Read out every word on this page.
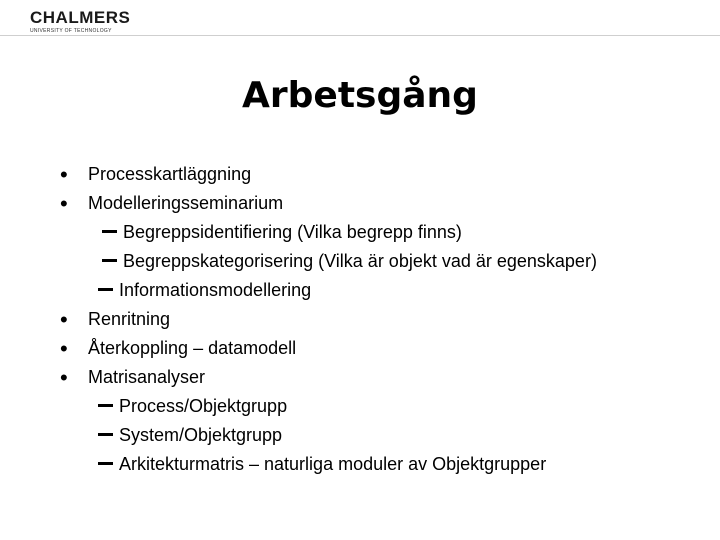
CHALMERS
UNIVERSITY OF TECHNOLOGY
Arbetsgång
• Processkartläggning
• Modelleringsseminarium
Begreppsidentifiering (Vilka begrepp finns)
Begreppskategorisering (Vilka är objekt vad är egenskaper)
Informationsmodellering
• Renritning
• Återkoppling – datamodell
• Matrisanalyser
Process/Objektgrupp
System/Objektgrupp
Arkitekturmatris – naturliga moduler av Objektgrupper
